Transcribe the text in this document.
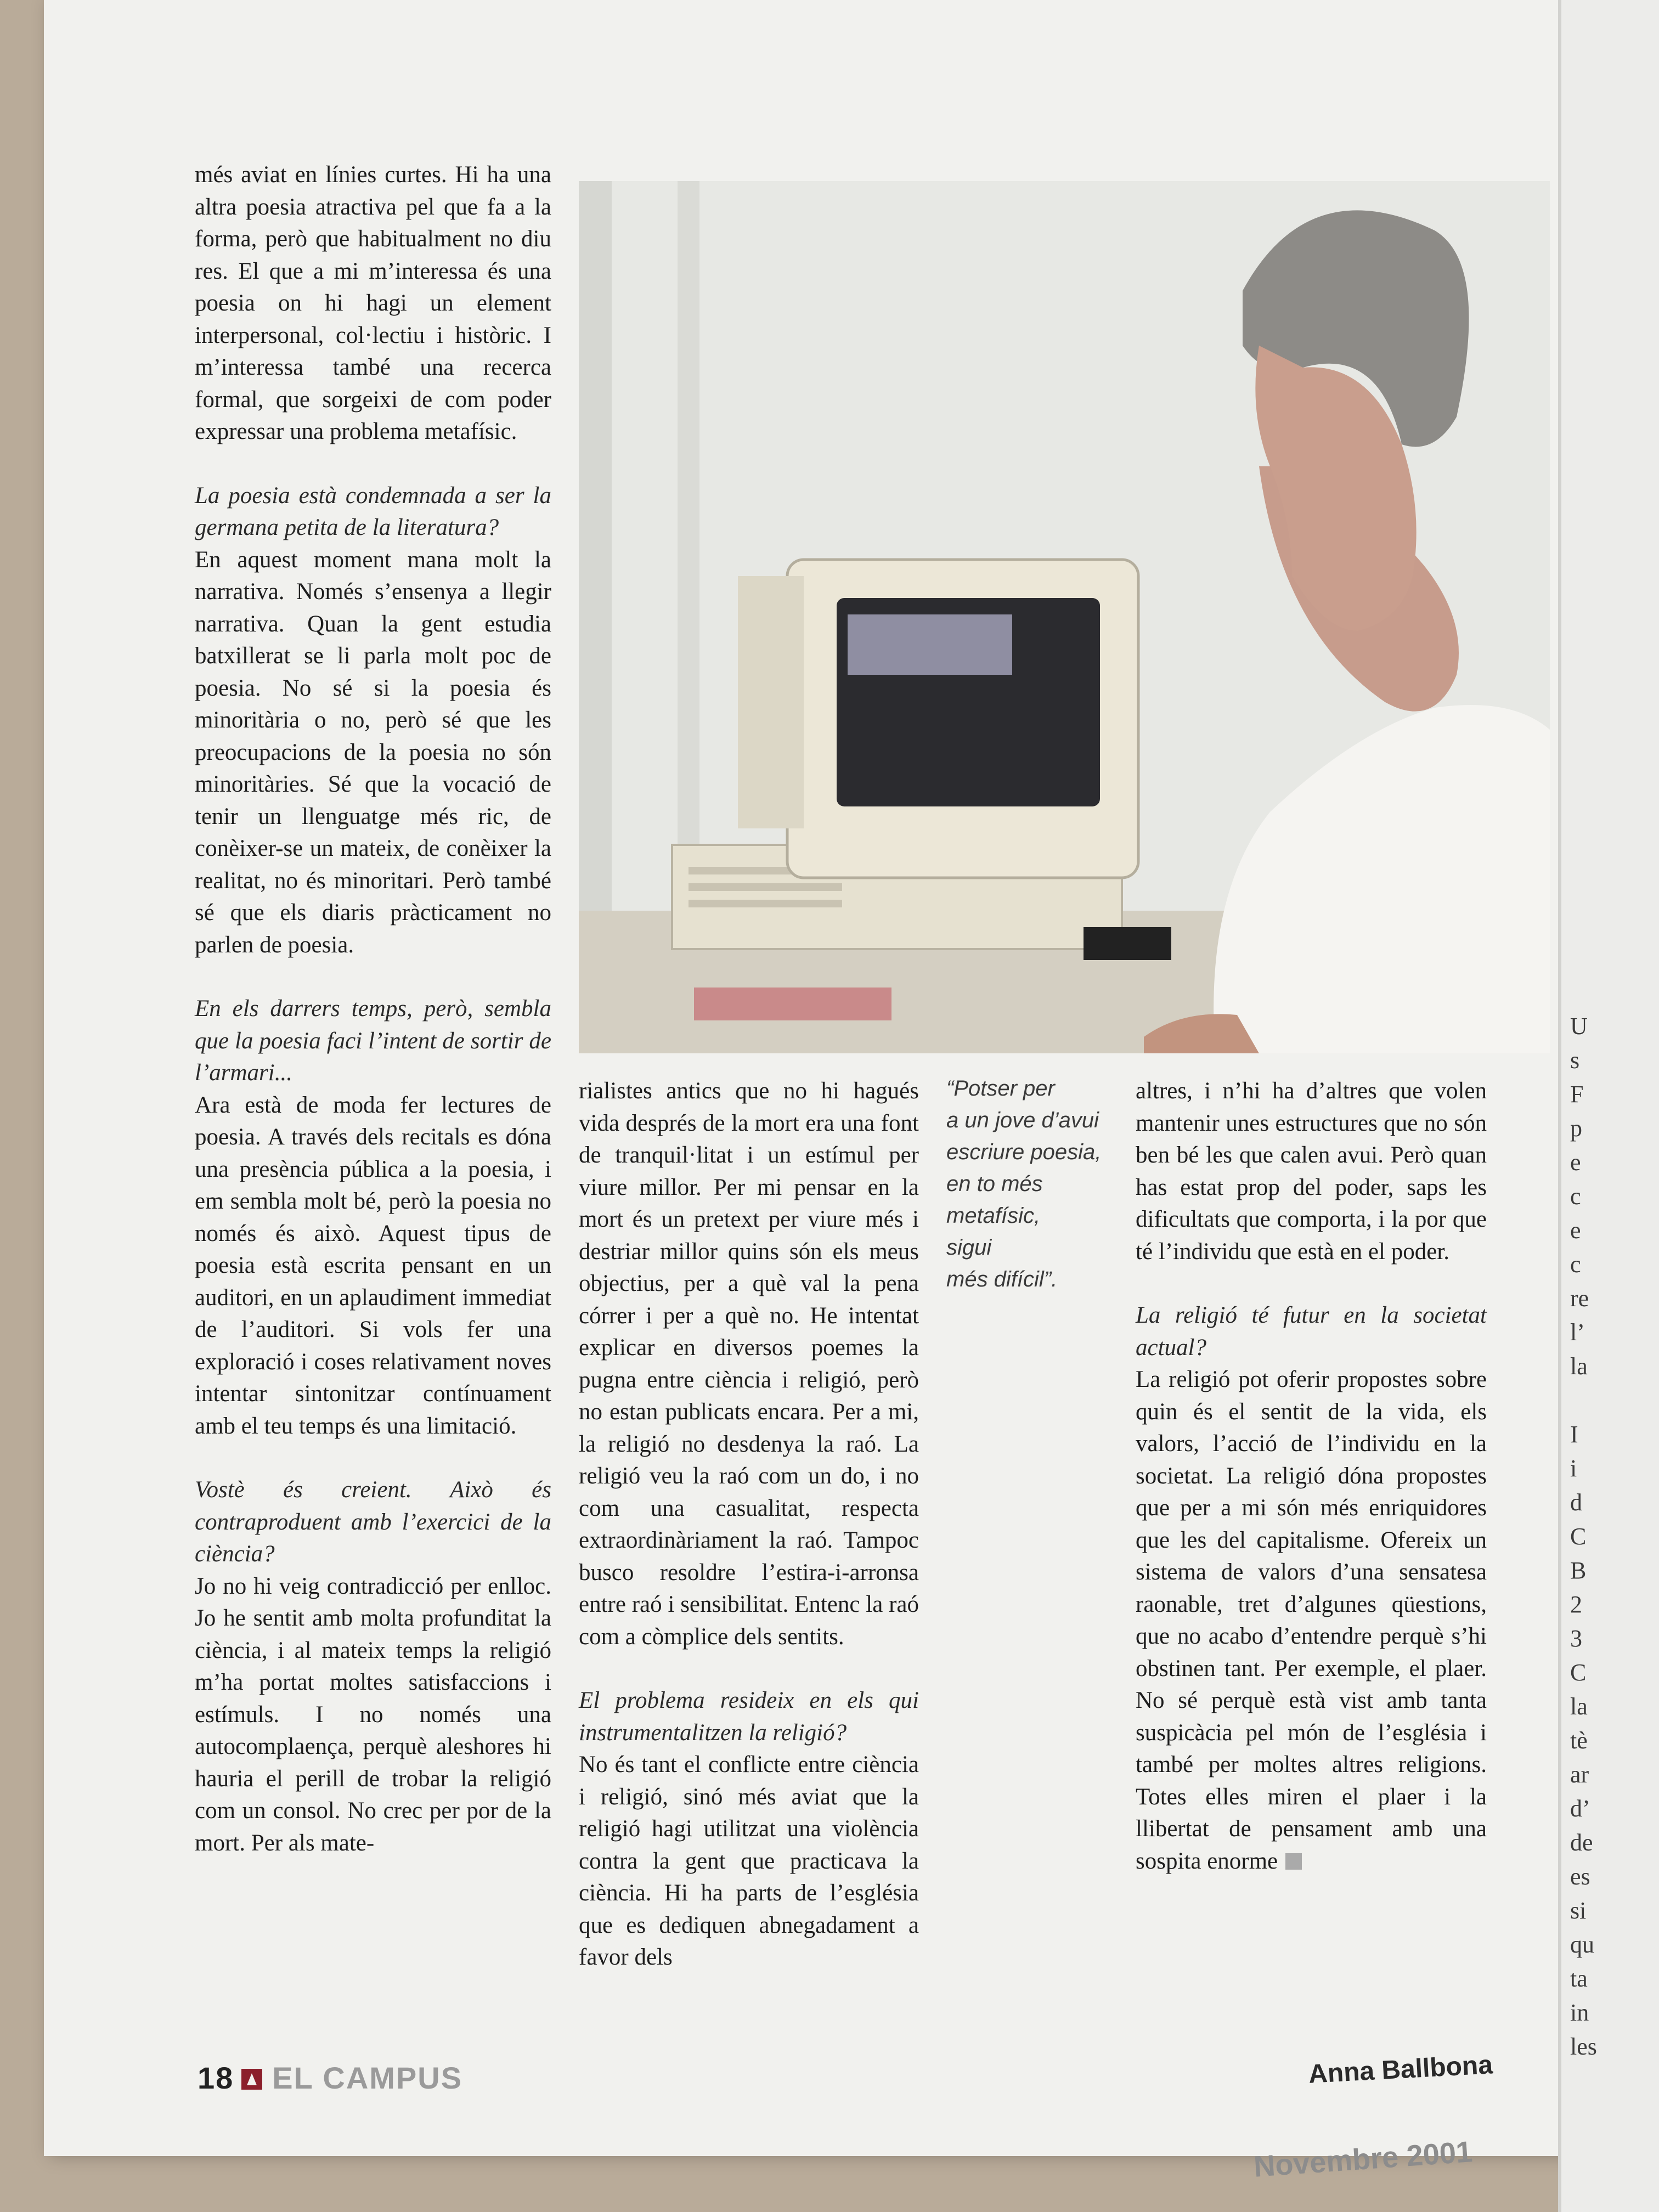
U
s
F
p
e
c
e
c
re
l’
la
I
i
d
C
B
2
3
C
la
tè
ar
d’
de
es
si
qu
ta
in
les

més aviat en línies curtes. Hi ha una altra poesia atractiva pel que fa a la forma, però que habitualment no diu res. El que a mi m’interessa és una poesia on hi hagi un element interpersonal, col·lectiu i històric. I m’interessa també una recerca formal, que sorgeixi de com poder expressar una problema metafísic.

La poesia està condemnada a ser la germana petita de la literatura?

En aquest moment mana molt la narrativa. Només s’ensenya a llegir narrativa. Quan la gent estudia batxillerat se li parla molt poc de poesia. No sé si la poesia és minoritària o no, però sé que les preocupacions de la poesia no són minoritàries. Sé que la vocació de tenir un llenguatge més ric, de conèixer-se un mateix, de conèixer la realitat, no és minoritari. Però també sé que els diaris pràcticament no parlen de poesia.

En els darrers temps, però, sembla que la poesia faci l’intent de sortir de l’armari...

Ara està de moda fer lectures de poesia. A través dels recitals es dóna una presència pública a la poesia, i em sembla molt bé, però la poesia no només és això. Aquest tipus de poesia està escrita pensant en un auditori, en un aplaudiment immediat de l’auditori. Si vols fer una exploració i coses relativament noves intentar sintonitzar contínuament amb el teu temps és una limitació.

Vostè és creient. Això és contraproduent amb l’exercici de la ciència?

Jo no hi veig contradicció per enlloc. Jo he sentit amb molta profunditat la ciència, i al mateix temps la religió m’ha portat moltes satisfaccions i estímuls. I no només una autocomplaença, perquè aleshores hi hauria el perill de trobar la religió com un consol. No crec per por de la mort. Per als mate-

rialistes antics que no hi hagués vida després de la mort era una font de tranquil·litat i un estímul per viure millor. Per mi pensar en la mort és un pretext per viure més i destriar millor quins són els meus objectius, per a què val la pena córrer i per a què no. He intentat explicar en diversos poemes la pugna entre ciència i religió, però no estan publicats encara. Per a mi, la religió no desdenya la raó. La religió veu la raó com un do, i no com una casualitat, respecta extraordinàriament la raó. Tampoc busco resoldre l’estira-i-arronsa entre raó i sensibilitat. Entenc la raó com a còmplice dels sentits.

El problema resideix en els qui instrumentalitzen la religió?

No és tant el conflicte entre ciència i religió, sinó més aviat que la religió hagi utilitzat una violència contra la gent que practicava la ciència. Hi ha parts de l’església que es dediquen abnegadament a favor dels

“Potser per
a un jove d’avui
escriure poesia,
en to més
metafísic,
sigui
més difícil”.

altres, i n’hi ha d’altres que volen mantenir unes estructures que no són ben bé les que calen avui. Però quan has estat prop del poder, saps les dificultats que comporta, i la por que té l’individu que està en el poder.

La religió té futur en la societat actual?

La religió pot oferir propostes sobre quin és el sentit de la vida, els valors, l’acció de l’individu en la societat. La religió dóna propostes que per a mi són més enriquidores que les del capitalisme. Ofereix un sistema de valors d’una sensatesa raonable, tret d’algunes qüestions, que no acabo d’entendre perquè s’hi obstinen tant. Per exemple, el plaer. No sé perquè està vist amb tanta suspicàcia pel món de l’església i també per moltes altres religions. Totes elles miren el plaer i la llibertat de pensament amb una sospita enorme

18 EL CAMPUS	Anna Ballbona
Novembre 2001
